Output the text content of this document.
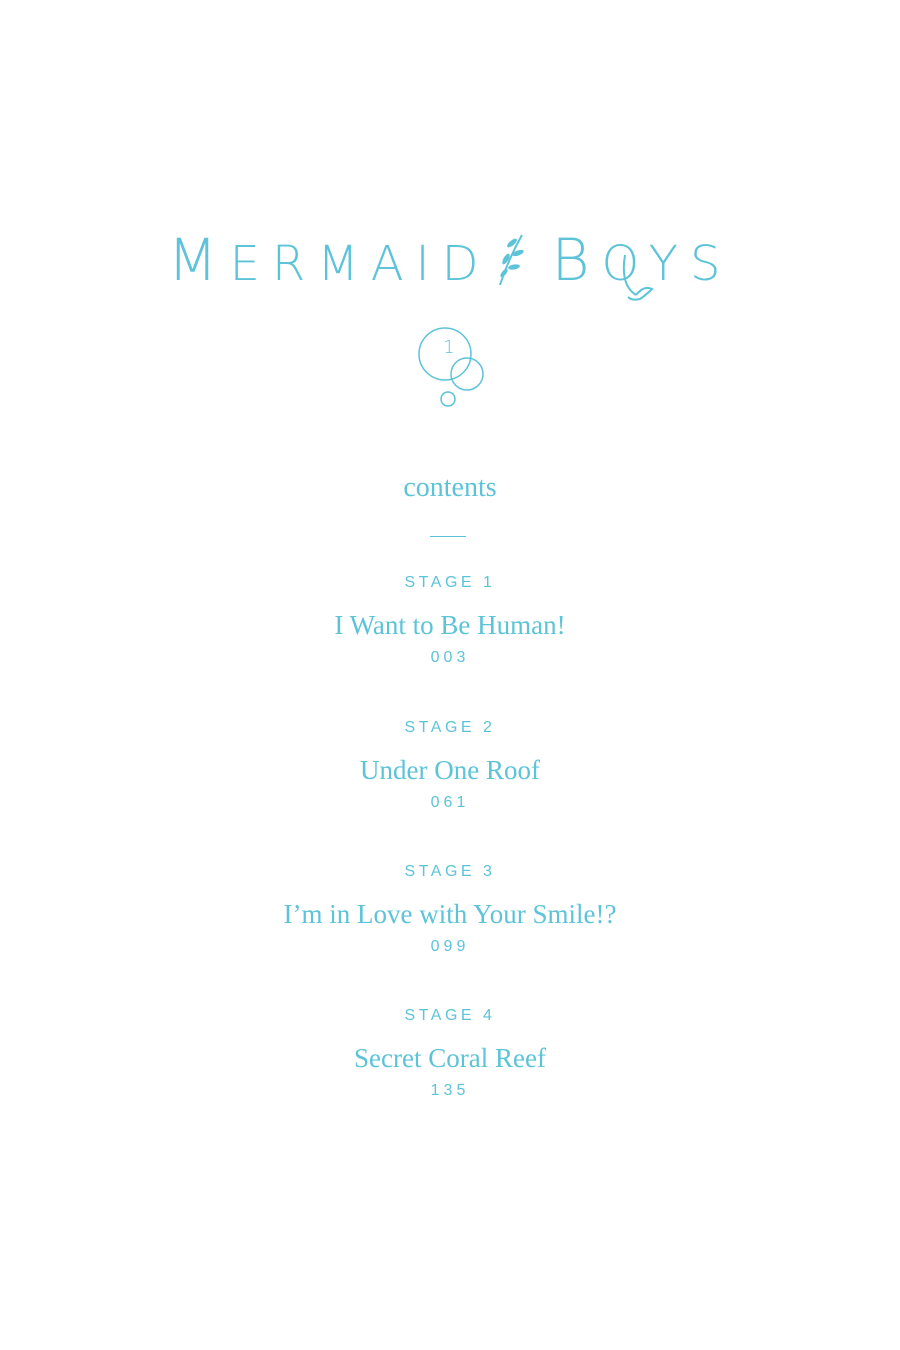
MERMAID BOYS
1
contents
STAGE 1
I Want to Be Human!
003
STAGE 2
Under One Roof
061
STAGE 3
I’m in Love with Your Smile!?
099
STAGE 4
Secret Coral Reef
135
